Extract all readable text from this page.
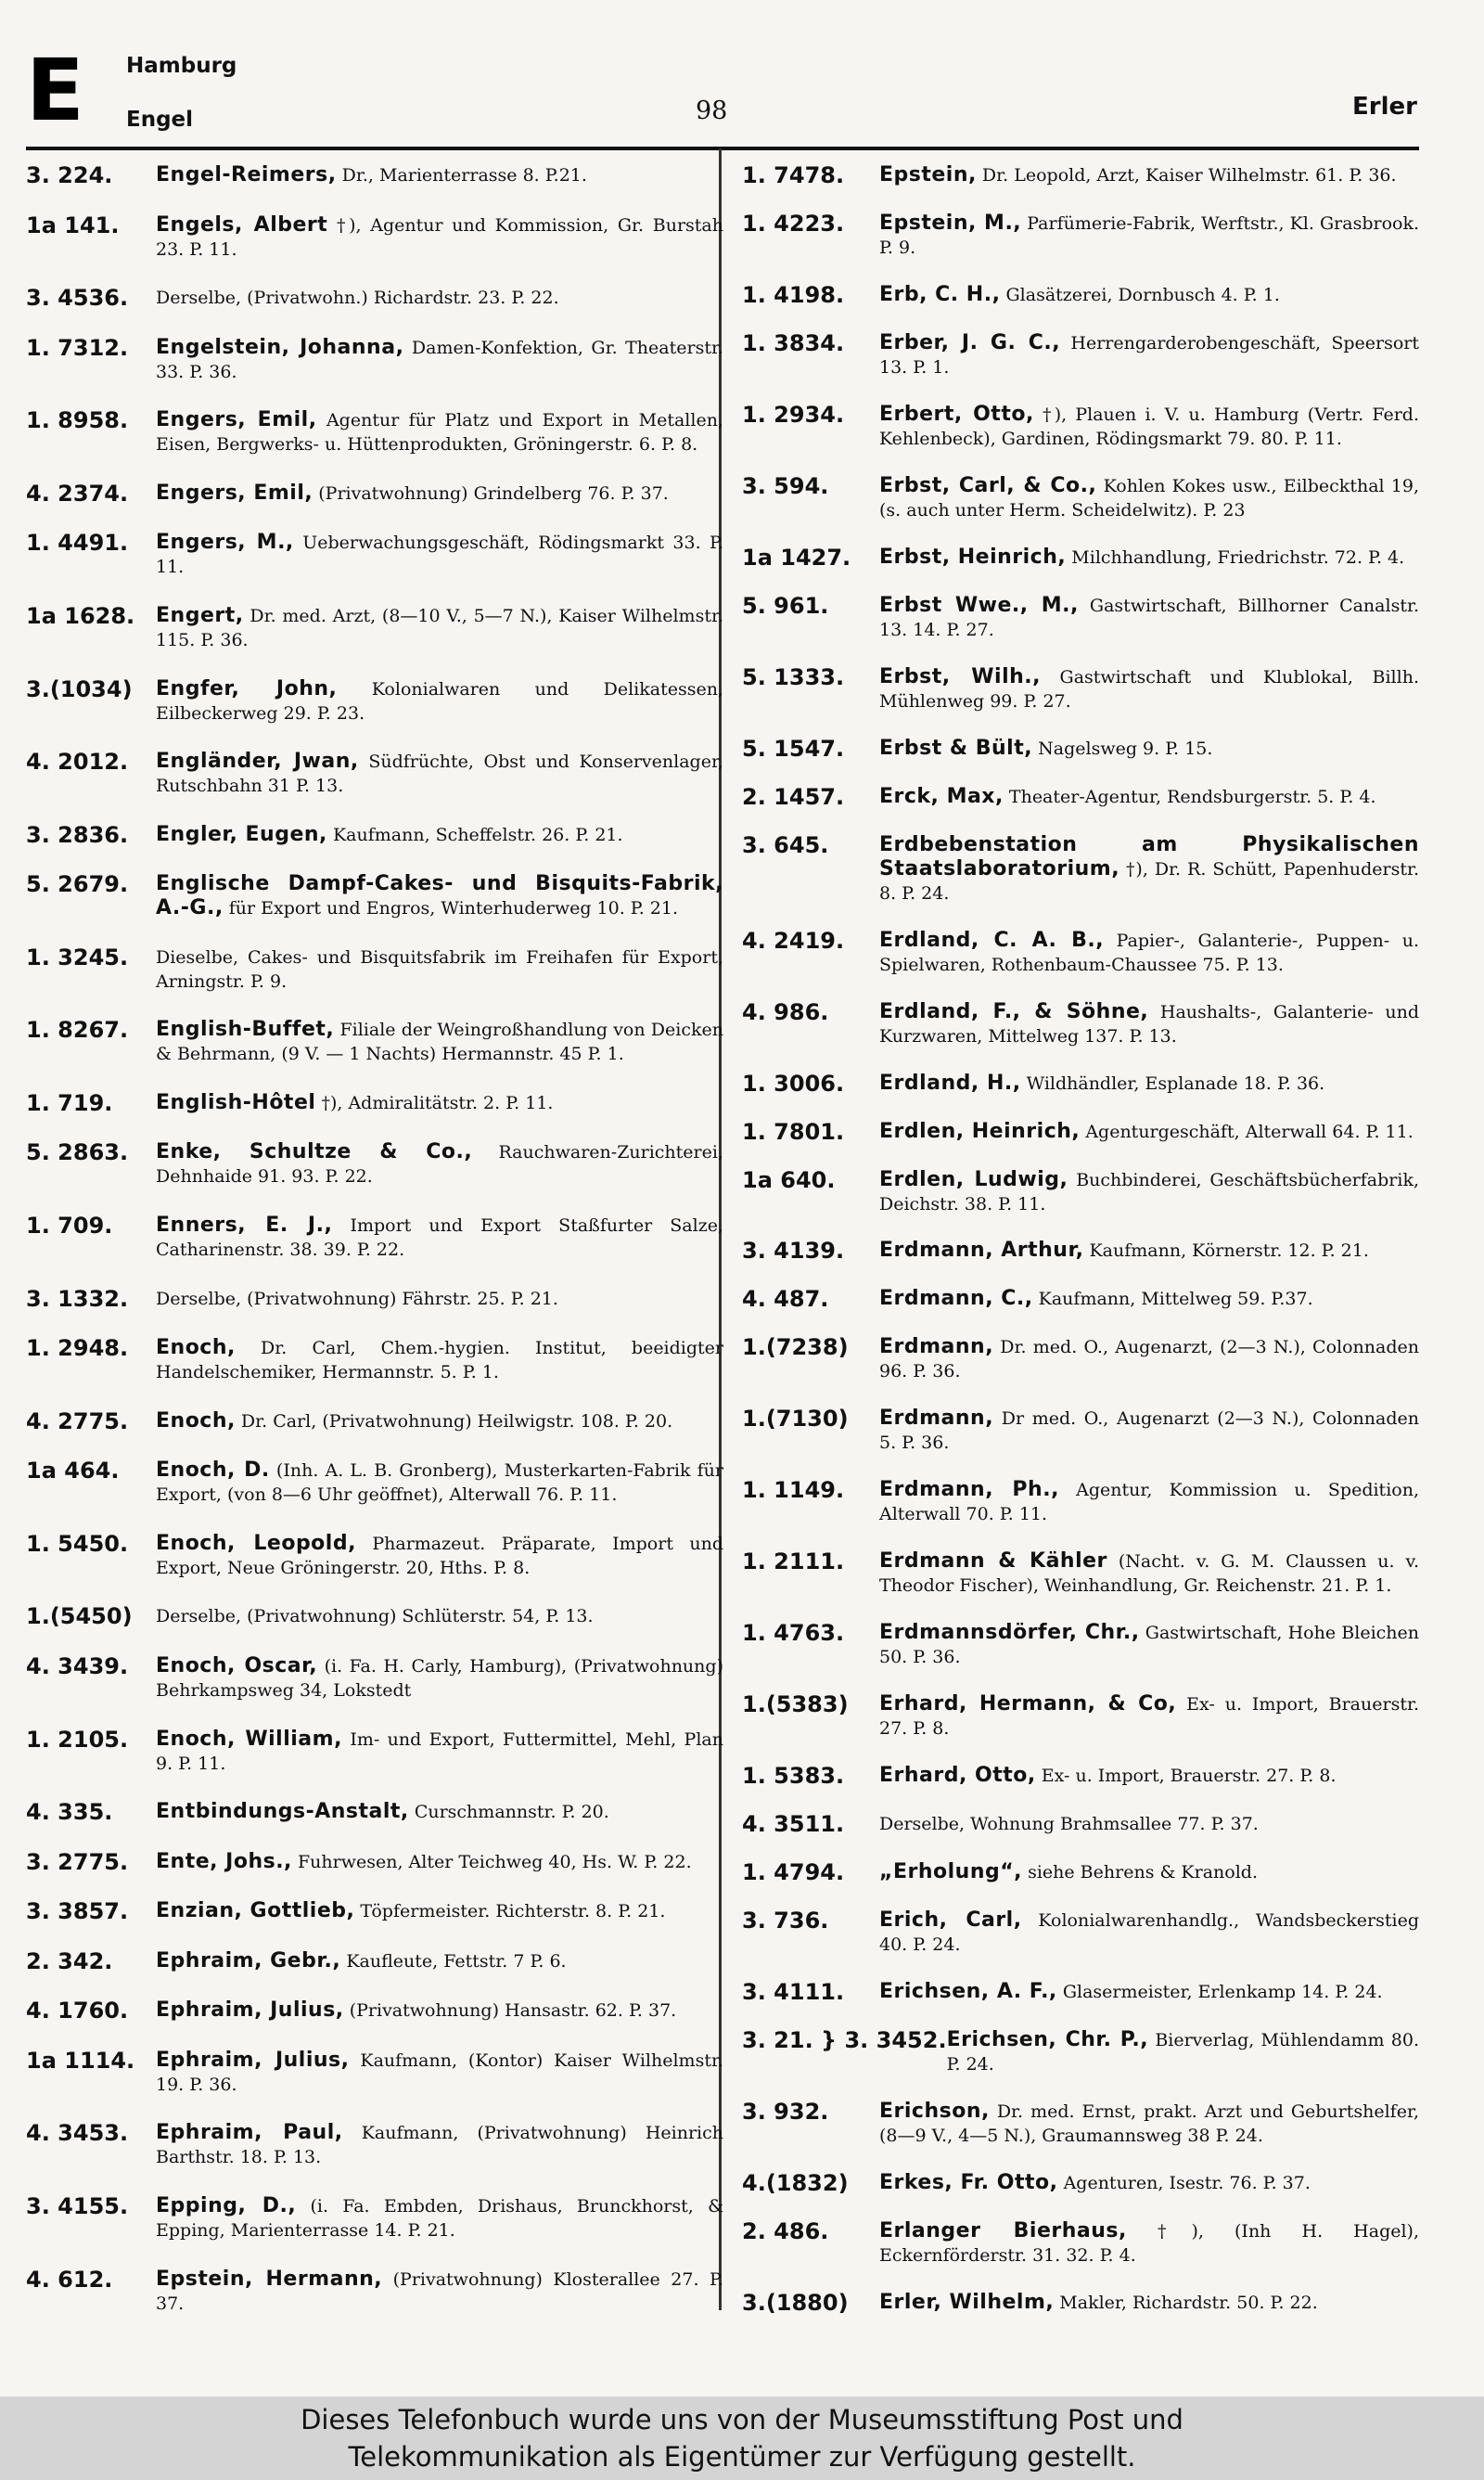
E Hamburg
Engel	98	Erler
3. 224.	Engel-Reimers, Dr., Marienterrasse 8. P.21.
1a 141.	Engels, Albert †), Agentur und Kommission, Gr. Burstah 23. P. 11.
3. 4536.	Derselbe, (Privatwohn.) Richardstr. 23. P. 22.
1. 7312.	Engelstein, Johanna, Damen-Konfektion, Gr. Theaterstr. 33. P. 36.
1. 8958.	Engers, Emil, Agentur für Platz und Export in Metallen, Eisen, Bergwerks- u. Hüttenprodukten, Gröningerstr. 6. P. 8.
4. 2374.	Engers, Emil, (Privatwohnung) Grindelberg 76. P. 37.
1. 4491.	Engers, M., Ueberwachungsgeschäft, Rödingsmarkt 33. P. 11.
1a 1628.	Engert, Dr. med. Arzt, (8—10 V., 5—7 N.), Kaiser Wilhelmstr. 115. P. 36.
3.(1034)	Engfer, John, Kolonialwaren und Delikatessen, Eilbeckerweg 29. P. 23.
4. 2012.	Engländer, Jwan, Südfrüchte, Obst und Konservenlager, Rutschbahn 31 P. 13.
3. 2836.	Engler, Eugen, Kaufmann, Scheffelstr. 26. P. 21.
5. 2679.	Englische Dampf-Cakes- und Bisquits-Fabrik, A.-G., für Export und Engros, Winterhuderweg 10. P. 21.
1. 3245.	Dieselbe, Cakes- und Bisquitsfabrik im Freihafen für Export, Arningstr. P. 9.
1. 8267.	English-Buffet, Filiale der Weingroßhandlung von Deicken & Behrmann, (9 V. — 1 Nachts) Hermannstr. 45 P. 1.
1. 719.	English-Hôtel †), Admiralitätstr. 2. P. 11.
5. 2863.	Enke, Schultze & Co., Rauchwaren-Zurichterei, Dehnhaide 91. 93. P. 22.
1. 709.	Enners, E. J., Import und Export Staßfurter Salze, Catharinenstr. 38. 39. P. 22.
3. 1332.	Derselbe, (Privatwohnung) Fährstr. 25. P. 21.
1. 2948.	Enoch, Dr. Carl, Chem.-hygien. Institut, beeidigter Handelschemiker, Hermannstr. 5. P. 1.
4. 2775.	Enoch, Dr. Carl, (Privatwohnung) Heilwigstr. 108. P. 20.
1a 464.	Enoch, D. (Inh. A. L. B. Gronberg), Musterkarten-Fabrik für Export, (von 8—6 Uhr geöffnet), Alterwall 76. P. 11.
1. 5450.	Enoch, Leopold, Pharmazeut. Präparate, Import und Export, Neue Gröningerstr. 20, Hths. P. 8.
1.(5450)	Derselbe, (Privatwohnung) Schlüterstr. 54, P. 13.
4. 3439.	Enoch, Oscar, (i. Fa. H. Carly, Hamburg), (Privatwohnung) Behrkampsweg 34, Lokstedt
1. 2105.	Enoch, William, Im- und Export, Futtermittel, Mehl, Plan 9. P. 11.
4. 335.	Entbindungs-Anstalt, Curschmannstr. P. 20.
3. 2775.	Ente, Johs., Fuhrwesen, Alter Teichweg 40, Hs. W. P. 22.
3. 3857.	Enzian, Gottlieb, Töpfermeister. Richterstr. 8. P. 21.
2. 342.	Ephraim, Gebr., Kaufleute, Fettstr. 7 P. 6.
4. 1760.	Ephraim, Julius, (Privatwohnung) Hansastr. 62. P. 37.
1a 1114.	Ephraim, Julius, Kaufmann, (Kontor) Kaiser Wilhelmstr. 19. P. 36.
4. 3453.	Ephraim, Paul, Kaufmann, (Privatwohnung) Heinrich Barthstr. 18. P. 13.
3. 4155.	Epping, D., (i. Fa. Embden, Drishaus, Brunckhorst, & Epping, Marienterrasse 14. P. 21.
4. 612.	Epstein, Hermann, (Privatwohnung) Klosterallee 27. P. 37.
1. 7478.	Epstein, Dr. Leopold, Arzt, Kaiser Wilhelmstr. 61. P. 36.
1. 4223.	Epstein, M., Parfümerie-Fabrik, Werftstr., Kl. Grasbrook. P. 9.
1. 4198.	Erb, C. H., Glasätzerei, Dornbusch 4. P. 1.
1. 3834.	Erber, J. G. C., Herrengarderobengeschäft, Speersort 13. P. 1.
1. 2934.	Erbert, Otto, †), Plauen i. V. u. Hamburg (Vertr. Ferd. Kehlenbeck), Gardinen, Rödingsmarkt 79. 80. P. 11.
3. 594.	Erbst, Carl, & Co., Kohlen Kokes usw., Eilbeckthal 19, (s. auch unter Herm. Scheidelwitz). P. 23
1a 1427.	Erbst, Heinrich, Milchhandlung, Friedrichstr. 72. P. 4.
5. 961.	Erbst Wwe., M., Gastwirtschaft, Billhorner Canalstr. 13. 14. P. 27.
5. 1333.	Erbst, Wilh., Gastwirtschaft und Klublokal, Billh. Mühlenweg 99. P. 27.
5. 1547.	Erbst & Bült, Nagelsweg 9. P. 15.
2. 1457.	Erck, Max, Theater-Agentur, Rendsburgerstr. 5. P. 4.
3. 645.	Erdbebenstation am Physikalischen Staatslaboratorium, †), Dr. R. Schütt, Papenhuderstr. 8. P. 24.
4. 2419.	Erdland, C. A. B., Papier-, Galanterie-, Puppen- u. Spielwaren, Rothenbaum-Chaussee 75. P. 13.
4. 986.	Erdland, F., & Söhne, Haushalts-, Galanterie- und Kurzwaren, Mittelweg 137. P. 13.
1. 3006.	Erdland, H., Wildhändler, Esplanade 18. P. 36.
1. 7801.	Erdlen, Heinrich, Agenturgeschäft, Alterwall 64. P. 11.
1a 640.	Erdlen, Ludwig, Buchbinderei, Geschäftsbücherfabrik, Deichstr. 38. P. 11.
3. 4139.	Erdmann, Arthur, Kaufmann, Körnerstr. 12. P. 21.
4. 487.	Erdmann, C., Kaufmann, Mittelweg 59. P.37.
1.(7238)	Erdmann, Dr. med. O., Augenarzt, (2—3 N.), Colonnaden 96. P. 36.
1.(7130)	Erdmann, Dr med. O., Augenarzt (2—3 N.), Colonnaden 5. P. 36.
1. 1149.	Erdmann, Ph., Agentur, Kommission u. Spedition, Alterwall 70. P. 11.
1. 2111.	Erdmann & Kähler (Nacht. v. G. M. Claussen u. v. Theodor Fischer), Weinhandlung, Gr. Reichenstr. 21. P. 1.
1. 4763.	Erdmannsdörfer, Chr., Gastwirtschaft, Hohe Bleichen 50. P. 36.
1.(5383)	Erhard, Hermann, & Co, Ex- u. Import, Brauerstr. 27. P. 8.
1. 5383.	Erhard, Otto, Ex- u. Import, Brauerstr. 27. P. 8.
4. 3511.	Derselbe, Wohnung Brahmsallee 77. P. 37.
1. 4794.	„Erholung“, siehe Behrens & Kranold.
3. 736.	Erich, Carl, Kolonialwarenhandlg., Wandsbeckerstieg 40. P. 24.
3. 4111.	Erichsen, A. F., Glasermeister, Erlenkamp 14. P. 24.
3. 21. } 3. 3452. Erichsen, Chr. P., Bierverlag, Mühlendamm 80. P. 24.
3. 932.	Erichson, Dr. med. Ernst, prakt. Arzt und Geburtshelfer, (8—9 V., 4—5 N.), Graumannsweg 38 P. 24.
4.(1832)	Erkes, Fr. Otto, Agenturen, Isestr. 76. P. 37.
2. 486.	Erlanger Bierhaus, †), (Inh H. Hagel), Eckernförderstr. 31. 32. P. 4.
3.(1880)	Erler, Wilhelm, Makler, Richardstr. 50. P. 22.
Dieses Telefonbuch wurde uns von der Museumsstiftung Post und
Telekommunikation als Eigentümer zur Verfügung gestellt.
